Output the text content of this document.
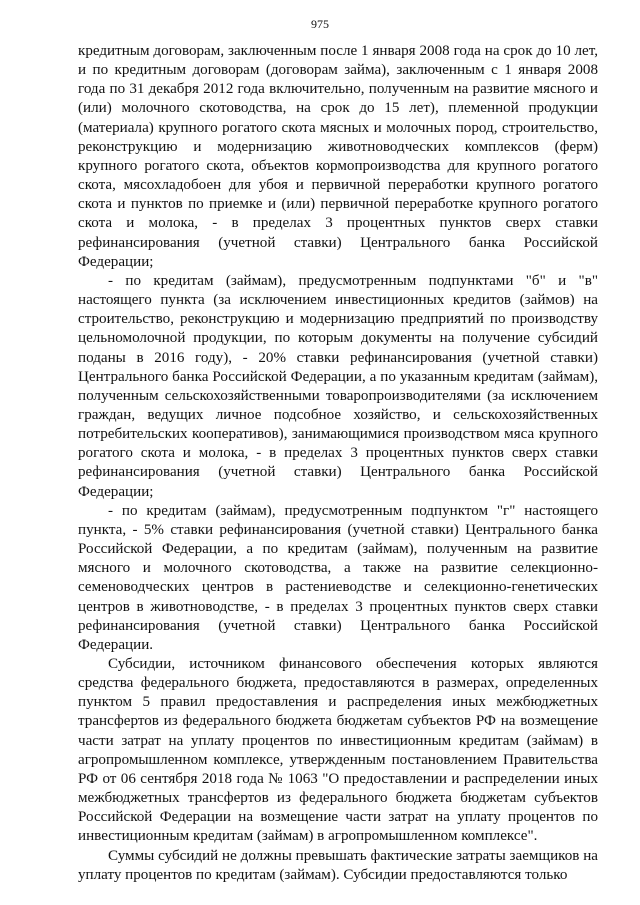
975

кредитным договорам, заключенным после 1 января 2008 года на срок до 10 лет, и по кредитным договорам (договорам займа), заключенным с 1 января 2008 года по 31 декабря 2012 года включительно, полученным на развитие мясного и (или) молочного скотоводства, на срок до 15 лет), племенной продукции (материала) крупного рогатого скота мясных и молочных пород, строительство, реконструкцию и модернизацию животноводческих комплексов (ферм) крупного рогатого скота, объектов кормопроизводства для крупного рогатого скота, мясохладобоен для убоя и первичной переработки крупного рогатого скота и пунктов по приемке и (или) первичной переработке крупного рогатого скота и молока, - в пределах 3 процентных пунктов сверх ставки рефинансирования (учетной ставки) Центрального банка Российской Федерации;

- по кредитам (займам), предусмотренным подпунктами "б" и "в" настоящего пункта (за исключением инвестиционных кредитов (займов) на строительство, реконструкцию и модернизацию предприятий по производству цельномолочной продукции, по которым документы на получение субсидий поданы в 2016 году), - 20% ставки рефинансирования (учетной ставки) Центрального банка Российской Федерации, а по указанным кредитам (займам), полученным сельскохозяйственными товаропроизводителями (за исключением граждан, ведущих личное подсобное хозяйство, и сельскохозяйственных потребительских кооперативов), занимающимися производством мяса крупного рогатого скота и молока, - в пределах 3 процентных пунктов сверх ставки рефинансирования (учетной ставки) Центрального банка Российской Федерации;

- по кредитам (займам), предусмотренным подпунктом "г" настоящего пункта, - 5% ставки рефинансирования (учетной ставки) Центрального банка Российской Федерации, а по кредитам (займам), полученным на развитие мясного и молочного скотоводства, а также на развитие селекционно-семеноводческих центров в растениеводстве и селекционно-генетических центров в животноводстве, - в пределах 3 процентных пунктов сверх ставки рефинансирования (учетной ставки) Центрального банка Российской Федерации.

Субсидии, источником финансового обеспечения которых являются средства федерального бюджета, предоставляются в размерах, определенных пунктом 5 правил предоставления и распределения иных межбюджетных трансфертов из федерального бюджета бюджетам субъектов РФ на возмещение части затрат на уплату процентов по инвестиционным кредитам (займам) в агропромышленном комплексе, утвержденным постановлением Правительства РФ от 06 сентября 2018 года № 1063 "О предоставлении и распределении иных межбюджетных трансфертов из федерального бюджета бюджетам субъектов Российской Федерации на возмещение части затрат на уплату процентов по инвестиционным кредитам (займам) в агропромышленном комплексе".

Суммы субсидий не должны превышать фактические затраты заемщиков на уплату процентов по кредитам (займам). Субсидии предоставляются только
